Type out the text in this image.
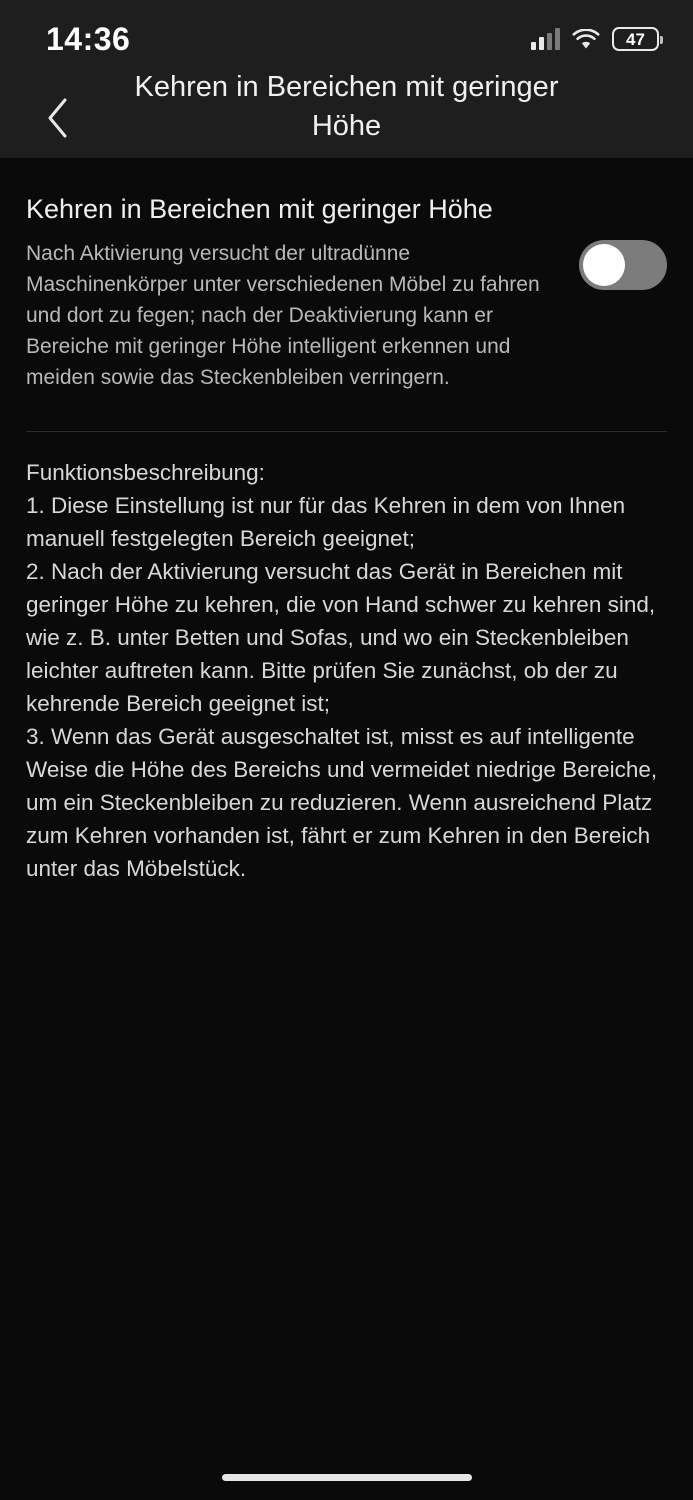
14:36	47
Kehren in Bereichen mit geringer Höhe

Kehren in Bereichen mit geringer Höhe

Nach Aktivierung versucht der ultradünne Maschinenkörper unter verschiedenen Möbel zu fahren und dort zu fegen; nach der Deaktivierung kann er Bereiche mit geringer Höhe intelligent erkennen und meiden sowie das Steckenbleiben verringern.

Funktionsbeschreibung:

1. Diese Einstellung ist nur für das Kehren in dem von Ihnen manuell festgelegten Bereich geeignet;

2. Nach der Aktivierung versucht das Gerät in Bereichen mit geringer Höhe zu kehren, die von Hand schwer zu kehren sind, wie z. B. unter Betten und Sofas, und wo ein Steckenbleiben leichter auftreten kann. Bitte prüfen Sie zunächst, ob der zu kehrende Bereich geeignet ist;

3. Wenn das Gerät ausgeschaltet ist, misst es auf intelligente Weise die Höhe des Bereichs und vermeidet niedrige Bereiche, um ein Steckenbleiben zu reduzieren. Wenn ausreichend Platz zum Kehren vorhanden ist, fährt er zum Kehren in den Bereich unter das Möbelstück.
